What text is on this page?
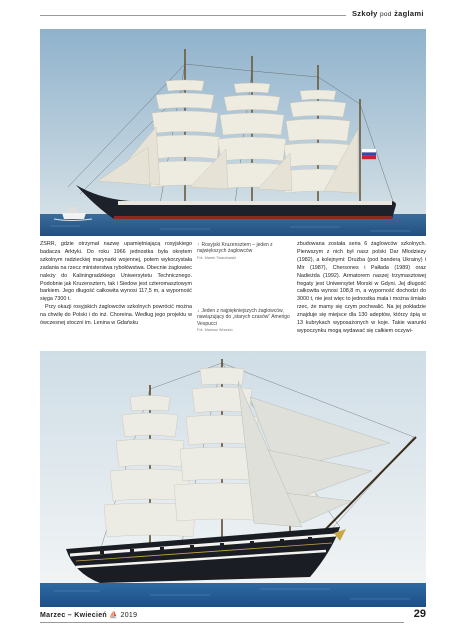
Szkoły pod żaglami

ZSRR, gdzie otrzymał nazwę upamiętniającą rosyjskiego badacza Arktyki. Do roku 1966 jednostka była okrętem szkolnym radzieckiej marynarki wojennej, potem wykorzystała zadania na rzecz ministerstwa rybołówstwa. Obecnie żaglowiec należy do Kaliningradzkiego Uniwersytetu Technicznego. Podobnie jak Kruzensztern, tak i Siedow jest czteromasztowym barkiem. Jego długość całkowita wynosi 117,5 m, a wyporność sięga 7300 t.

Przy okazji rosyjskich żaglowców szkolnych powrócić można na chwilę do Polski i do inż. Choreina. Według jego projektu w ówczesnej stoczni im. Lenina w Gdańsku

↑ Rosyjski Kruzensztern – jeden z największych żaglowców
Fot. Marek Twardowski
↓ Jeden z najpiękniejszych żaglowców, nawiązujący do „starych czasów” Amerigo Vespucci
Fot. Mariusz Wrzesio

zbudowana została seria 6 żaglowców szkolnych. Pierwszym z nich był nasz polski Dar Młodzieży (1982), a kolejnymi: Drużba (pod banderą Ukrainy) i Mir (1987), Chersones i Pałłada (1989) oraz Nadieżda (1992). Armatorem naszej trzymasztowej fregaty jest Uniwersytet Morski w Gdyni. Jej długość całkowita wynosi 108,8 m, a wyporność dochodzi do 3000 t, nie jest więc to jednostka mała i można śmiało rzec, że mamy się czym pochwalić. Na jej pokładzie znajduje się miejsce dla 130 adeptów, którzy śpią w 13 kubrykach wyposażonych w koje. Takie warunki wypoczynku mogą wydawać się całkiem oczywi-

Marzec – Kwiecień ⛵ 2019	29
